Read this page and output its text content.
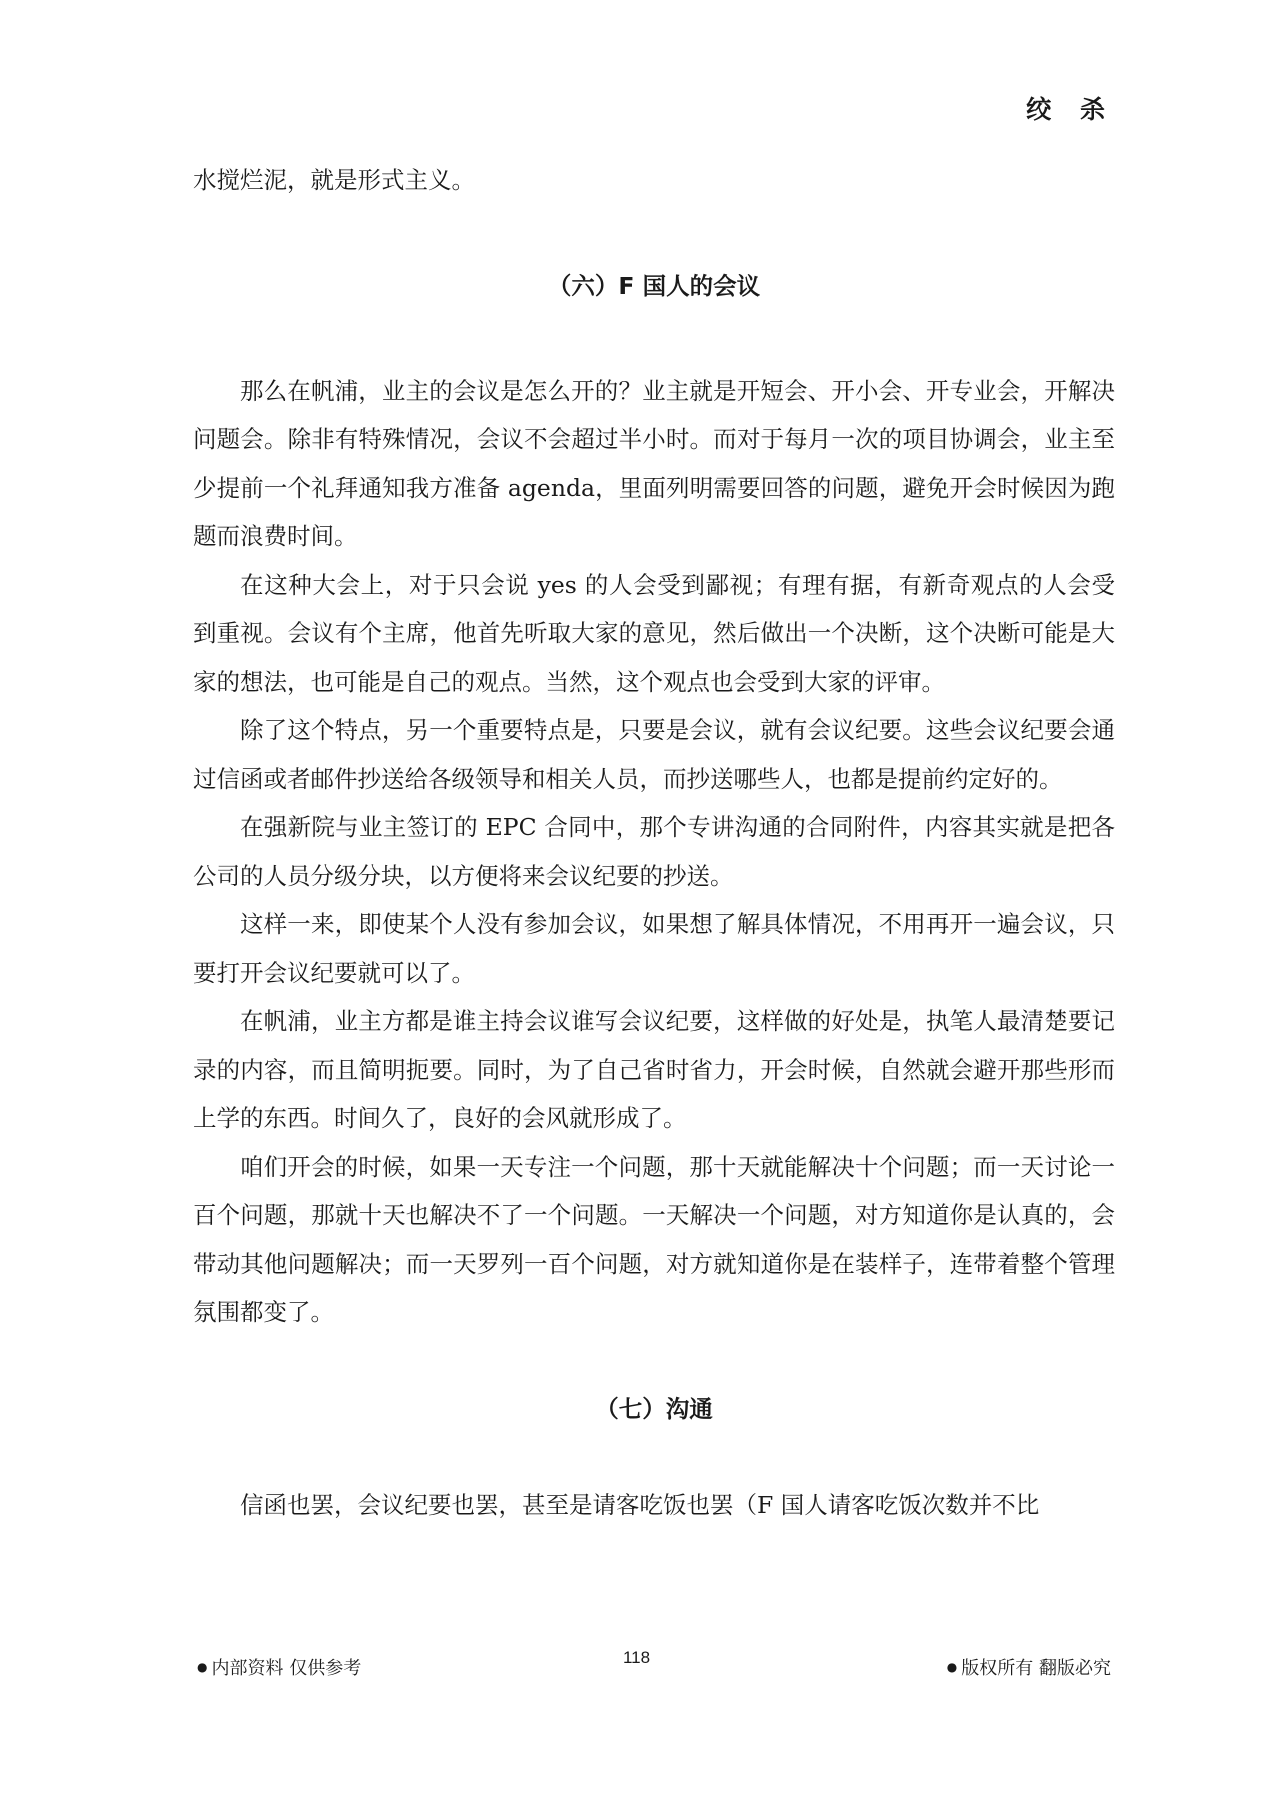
绞 杀

水搅烂泥，就是形式主义。

（六）F 国人的会议

那么在帆浦，业主的会议是怎么开的？业主就是开短会、开小会、开专业会，开解决问题会。除非有特殊情况，会议不会超过半小时。而对于每月一次的项目协调会，业主至少提前一个礼拜通知我方准备 agenda，里面列明需要回答的问题，避免开会时候因为跑题而浪费时间。

在这种大会上，对于只会说 yes 的人会受到鄙视；有理有据，有新奇观点的人会受到重视。会议有个主席，他首先听取大家的意见，然后做出一个决断，这个决断可能是大家的想法，也可能是自己的观点。当然，这个观点也会受到大家的评审。

除了这个特点，另一个重要特点是，只要是会议，就有会议纪要。这些会议纪要会通过信函或者邮件抄送给各级领导和相关人员，而抄送哪些人，也都是提前约定好的。

在强新院与业主签订的 EPC 合同中，那个专讲沟通的合同附件，内容其实就是把各公司的人员分级分块，以方便将来会议纪要的抄送。

这样一来，即使某个人没有参加会议，如果想了解具体情况，不用再开一遍会议，只要打开会议纪要就可以了。

在帆浦，业主方都是谁主持会议谁写会议纪要，这样做的好处是，执笔人最清楚要记录的内容，而且简明扼要。同时，为了自己省时省力，开会时候，自然就会避开那些形而上学的东西。时间久了，良好的会风就形成了。

咱们开会的时候，如果一天专注一个问题，那十天就能解决十个问题；而一天讨论一百个问题，那就十天也解决不了一个问题。一天解决一个问题，对方知道你是认真的，会带动其他问题解决；而一天罗列一百个问题，对方就知道你是在装样子，连带着整个管理氛围都变了。

（七）沟通

信函也罢，会议纪要也罢，甚至是请客吃饭也罢（F 国人请客吃饭次数并不比

● 内部资料 仅供参考
118	● 版权所有 翻版必究
